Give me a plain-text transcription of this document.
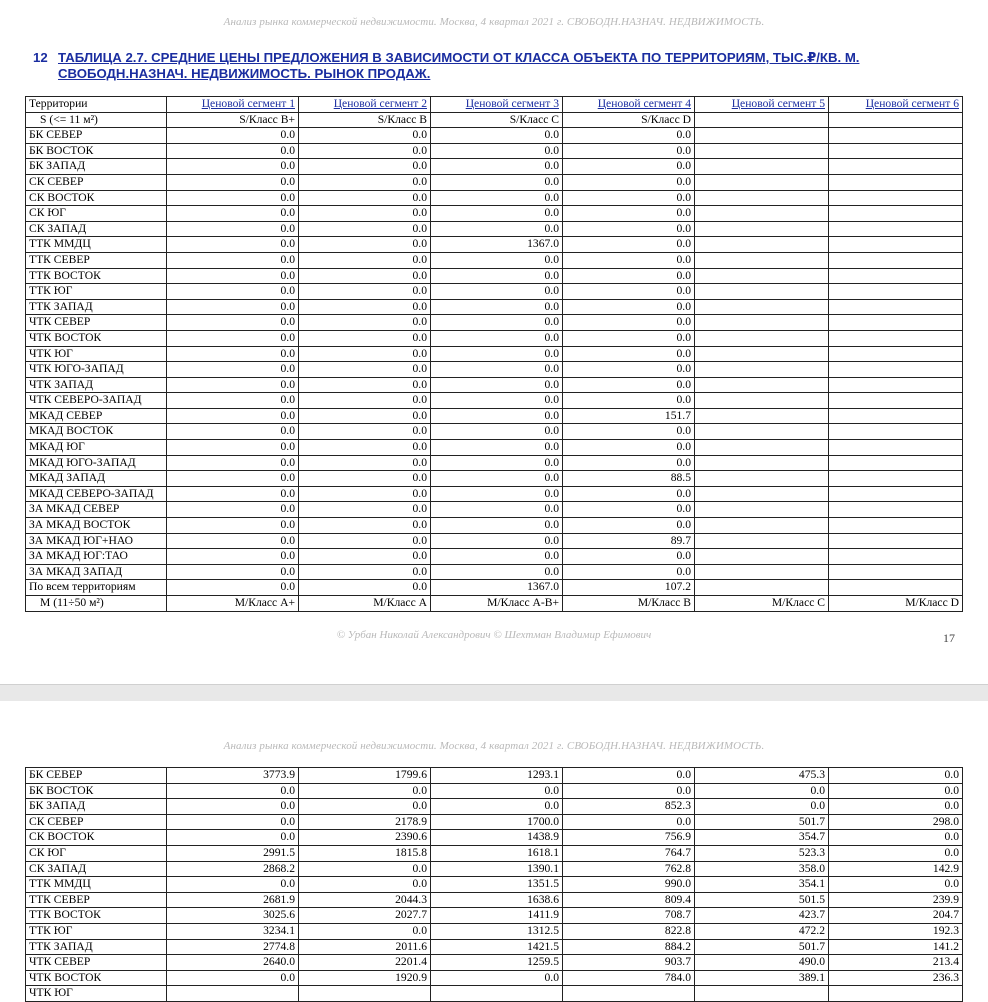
Анализ рынка коммерческой недвижимости. Москва, 4 квартал 2021 г. СВОБОДН.НАЗНАЧ. НЕДВИЖИМОСТЬ.
12 ТАБЛИЦА 2.7. СРЕДНИЕ ЦЕНЫ ПРЕДЛОЖЕНИЯ В ЗАВИСИМОСТИ ОТ КЛАССА ОБЪЕКТА ПО ТЕРРИТОРИЯМ, ТЫС.₽/КВ. М.
СВОБОДН.НАЗНАЧ. НЕДВИЖИМОСТЬ. РЫНОК ПРОДАЖ.
Территории	Ценовой сегмент 1	Ценовой сегмент 2	Ценовой сегмент 3	Ценовой сегмент 4	Ценовой сегмент 5	Ценовой сегмент 6
S (<= 11 м²)	S/Класс B+	S/Класс B	S/Класс C	S/Класс D		
БК СЕВЕР	0.0	0.0	0.0	0.0		
БК ВОСТОК	0.0	0.0	0.0	0.0		
БК ЗАПАД	0.0	0.0	0.0	0.0		
СК СЕВЕР	0.0	0.0	0.0	0.0		
СК ВОСТОК	0.0	0.0	0.0	0.0		
СК ЮГ	0.0	0.0	0.0	0.0		
СК ЗАПАД	0.0	0.0	0.0	0.0		
ТТК ММДЦ	0.0	0.0	1367.0	0.0		
ТТК СЕВЕР	0.0	0.0	0.0	0.0		
ТТК ВОСТОК	0.0	0.0	0.0	0.0		
ТТК ЮГ	0.0	0.0	0.0	0.0		
ТТК ЗАПАД	0.0	0.0	0.0	0.0		
ЧТК СЕВЕР	0.0	0.0	0.0	0.0		
ЧТК ВОСТОК	0.0	0.0	0.0	0.0		
ЧТК ЮГ	0.0	0.0	0.0	0.0		
ЧТК ЮГО-ЗАПАД	0.0	0.0	0.0	0.0		
ЧТК ЗАПАД	0.0	0.0	0.0	0.0		
ЧТК СЕВЕРО-ЗАПАД	0.0	0.0	0.0	0.0		
МКАД СЕВЕР	0.0	0.0	0.0	151.7		
МКАД ВОСТОК	0.0	0.0	0.0	0.0		
МКАД ЮГ	0.0	0.0	0.0	0.0		
МКАД ЮГО-ЗАПАД	0.0	0.0	0.0	0.0		
МКАД ЗАПАД	0.0	0.0	0.0	88.5		
МКАД СЕВЕРО-ЗАПАД	0.0	0.0	0.0	0.0		
ЗА МКАД СЕВЕР	0.0	0.0	0.0	0.0		
ЗА МКАД ВОСТОК	0.0	0.0	0.0	0.0		
ЗА МКАД ЮГ+НАО	0.0	0.0	0.0	89.7		
ЗА МКАД ЮГ:ТАО	0.0	0.0	0.0	0.0		
ЗА МКАД ЗАПАД	0.0	0.0	0.0	0.0		
По всем территориям	0.0	0.0	1367.0	107.2		
M (11÷50 м²)	M/Класс A+	M/Класс A	M/Класс A-B+	M/Класс B	M/Класс C	M/Класс D
© Урбан Николай Александрович © Шехтман Владимир Ефимович	17
Анализ рынка коммерческой недвижимости. Москва, 4 квартал 2021 г. СВОБОДН.НАЗНАЧ. НЕДВИЖИМОСТЬ.
БК СЕВЕР	3773.9	1799.6	1293.1	0.0	475.3	0.0
БК ВОСТОК	0.0	0.0	0.0	0.0	0.0	0.0
БК ЗАПАД	0.0	0.0	0.0	852.3	0.0	0.0
СК СЕВЕР	0.0	2178.9	1700.0	0.0	501.7	298.0
СК ВОСТОК	0.0	2390.6	1438.9	756.9	354.7	0.0
СК ЮГ	2991.5	1815.8	1618.1	764.7	523.3	0.0
СК ЗАПАД	2868.2	0.0	1390.1	762.8	358.0	142.9
ТТК ММДЦ	0.0	0.0	1351.5	990.0	354.1	0.0
ТТК СЕВЕР	2681.9	2044.3	1638.6	809.4	501.5	239.9
ТТК ВОСТОК	3025.6	2027.7	1411.9	708.7	423.7	204.7
ТТК ЮГ	3234.1	0.0	1312.5	822.8	472.2	192.3
ТТК ЗАПАД	2774.8	2011.6	1421.5	884.2	501.7	141.2
ЧТК СЕВЕР	2640.0	2201.4	1259.5	903.7	490.0	213.4
ЧТК ВОСТОК	0.0	1920.9	0.0	784.0	389.1	236.3
ЧТК ЮГ						
